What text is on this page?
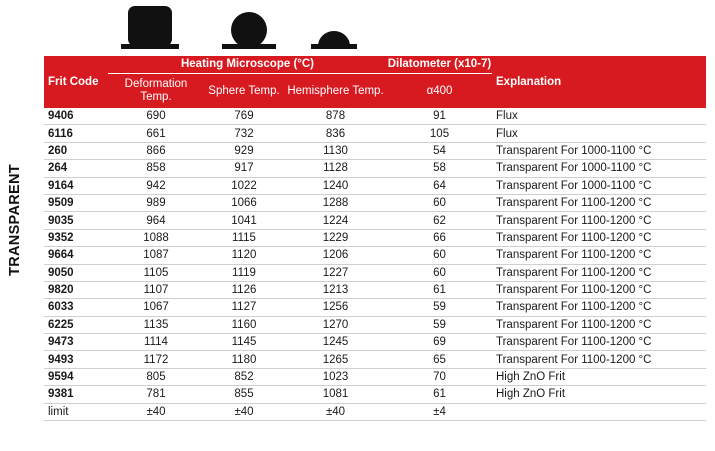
TRANSPARENT
Frit Code	Heating Microscope (°C)			Dilatometer (x10-7)	Explanation
	Deformation Temp.	Sphere Temp.	Hemisphere Temp.	α400	
9406	690	769	878	91	Flux
6116	661	732	836	105	Flux
260	866	929	1130	54	Transparent For 1000-1100 °C
264	858	917	1128	58	Transparent For 1000-1100 °C
9164	942	1022	1240	64	Transparent For 1000-1100 °C
9509	989	1066	1288	60	Transparent For 1100-1200 °C
9035	964	1041	1224	62	Transparent For 1100-1200 °C
9352	1088	1115	1229	66	Transparent For 1100-1200 °C
9664	1087	1120	1206	60	Transparent For 1100-1200 °C
9050	1105	1119	1227	60	Transparent For 1100-1200 °C
9820	1107	1126	1213	61	Transparent For 1100-1200 °C
6033	1067	1127	1256	59	Transparent For 1100-1200 °C
6225	1135	1160	1270	59	Transparent For 1100-1200 °C
9473	1114	1145	1245	69	Transparent For 1100-1200 °C
9493	1172	1180	1265	65	Transparent For 1100-1200 °C
9594	805	852	1023	70	High ZnO Frit
9381	781	855	1081	61	High ZnO Frit
limit	±40	±40	±40	±4	
